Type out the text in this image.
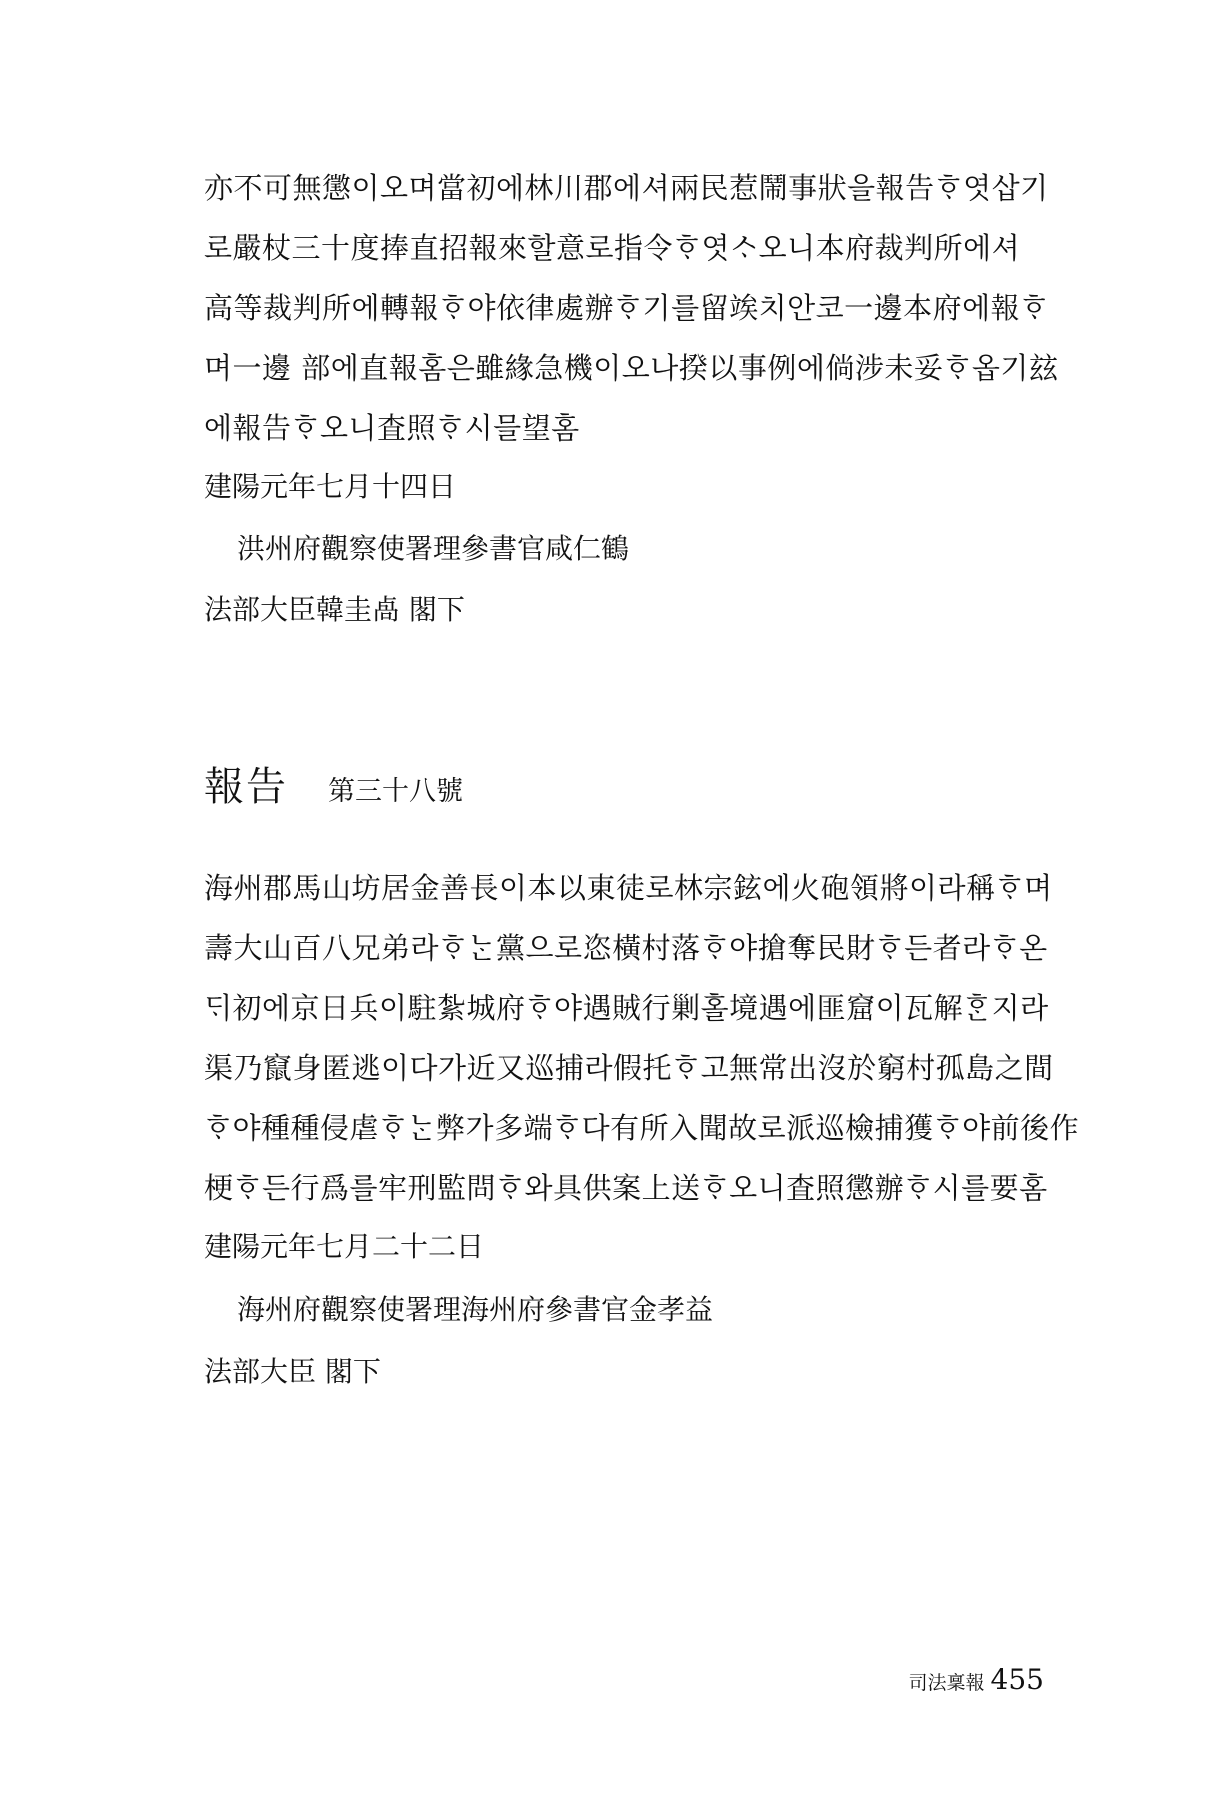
亦不可無懲이오며當初에林川郡에셔兩民惹鬧事狀을報告ᄒᆞ엿삽기
로嚴杖三十度捧直招報來할意로指令ᄒᆞ엿ᄉᆞ오니本府裁判所에셔
高等裁判所에轉報ᄒᆞ야依律處辦ᄒᆞ기를留竢치안코一邊本府에報ᄒᆞ
며一邊 部에直報홈은雖緣急機이오나揆以事例에倘涉未妥ᄒᆞ옵기玆
에報告ᄒᆞ오니査照ᄒᆞ시믈望홈
建陽元年七月十四日
洪州府觀察使署理參書官咸仁鶴
法部大臣韓圭卨 閣下
報告 第三十八號
海州郡馬山坊居金善長이本以東徒로林宗鉉에火砲領將이라稱ᄒᆞ며
壽大山百八兄弟라ᄒᆞᄂᆞᆫ黨으로恣橫村落ᄒᆞ야搶奪民財ᄒᆞ든者라ᄒᆞ온
ᄃᆡ初에京日兵이駐紮城府ᄒᆞ야遇賊行剿홀境遇에匪窟이瓦解ᄒᆞᆫ지라
渠乃竄身匿逃이다가近又巡捕라假托ᄒᆞ고無常出沒於窮村孤島之間
ᄒᆞ야種種侵虐ᄒᆞᄂᆞᆫ弊가多端ᄒᆞ다有所入聞故로派巡檢捕獲ᄒᆞ야前後作
梗ᄒᆞ든行爲를牢刑監問ᄒᆞ와具供案上送ᄒᆞ오니査照懲辦ᄒᆞ시를要홈
建陽元年七月二十二日
海州府觀察使署理海州府參書官金孝益
法部大臣 閣下
司法稟報 455
